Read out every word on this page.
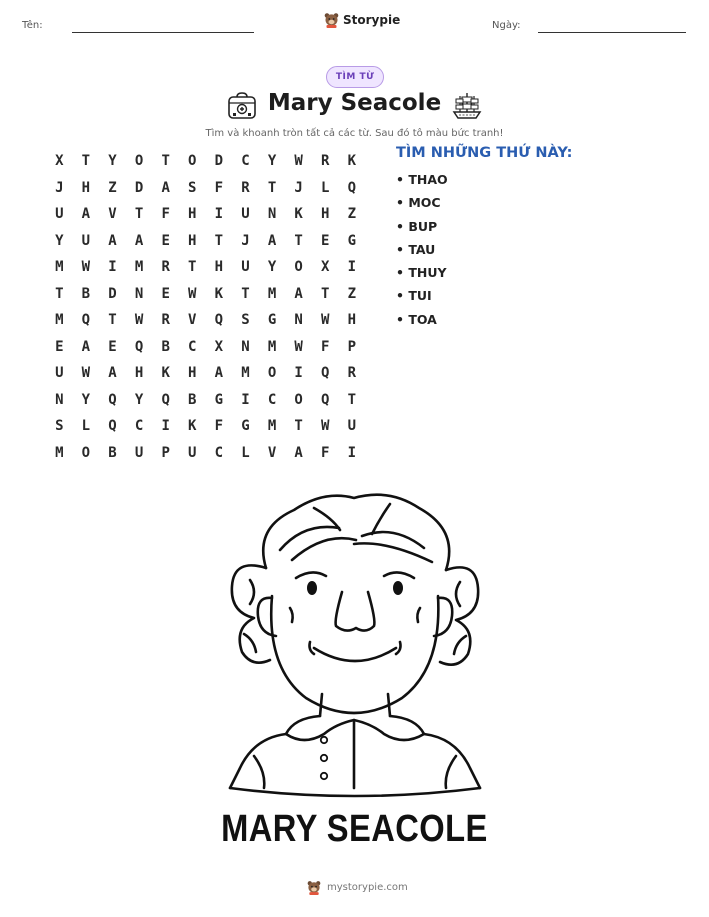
Tên:	Storypie	Ngày:
TÌM TỪ
Mary Seacole
Tìm và khoanh tròn tất cả các từ. Sau đó tô màu bức tranh!
X	T	Y	O	T	O	D	C	Y	W	R	K
J	H	Z	D	A	S	F	R	T	J	L	Q
U	A	V	T	F	H	I	U	N	K	H	Z
Y	U	A	A	E	H	T	J	A	T	E	G
M	W	I	M	R	T	H	U	Y	O	X	I
T	B	D	N	E	W	K	T	M	A	T	Z
M	Q	T	W	R	V	Q	S	G	N	W	H
E	A	E	Q	B	C	X	N	M	W	F	P
U	W	A	H	K	H	A	M	O	I	Q	R
N	Y	Q	Y	Q	B	G	I	C	O	Q	T
S	L	Q	C	I	K	F	G	M	T	W	U
M	O	B	U	P	U	C	L	V	A	F	I
TÌM NHỮNG THỨ NÀY:
• THAO
• MOC
• BUP
• TAU
• THUY
• TUI
• TOA
MARY SEACOLE
mystorypie.com
